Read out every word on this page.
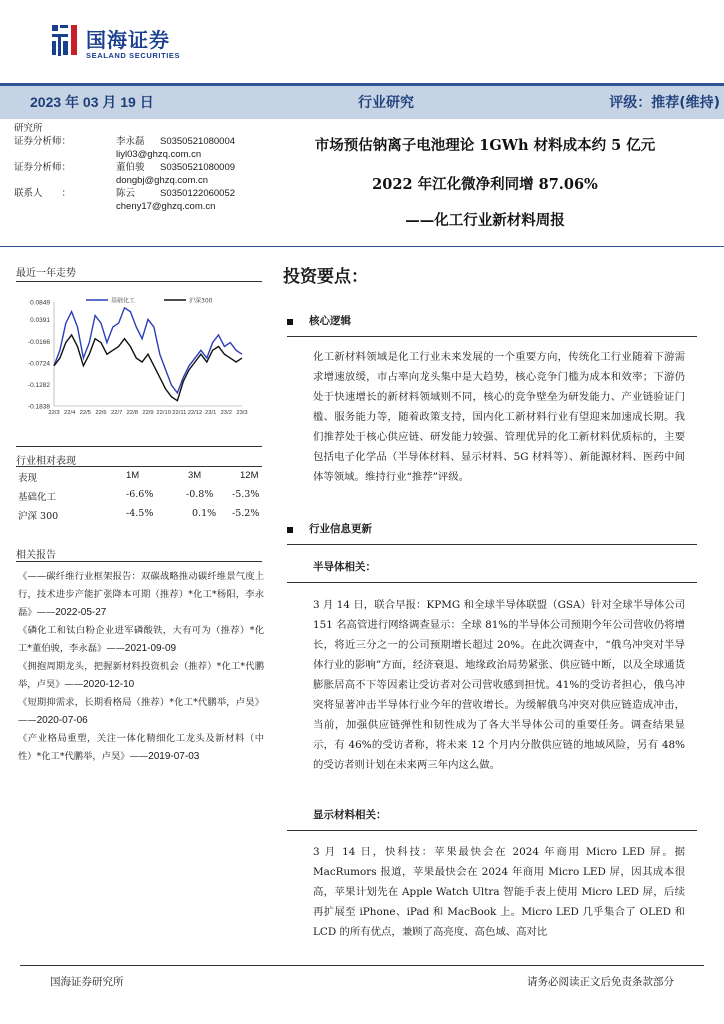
国海证券
SEALAND SECURITIES
2023 年 03 月 19 日	行业研究	评级：推荐(维持)
研究所
证券分析师：	李永磊 S0350521080004
liyl03@ghzq.com.cn
证券分析师：	董伯骏 S0350521080009
dongbj@ghzq.com.cn
联系人　　：	陈云	S0350122060052
cheny17@ghzq.com.cn
市场预估钠离子电池理论 1GWh 材料成本约 5 亿元
2022 年江化微净利同增 87.06%
——化工行业新材料周报
最近一年走势
0.0849
0.0391
-0.0166
-0.0724
-0.1282
-0.1838
22/3 22/4 22/5 22/6 22/7 22/8 22/9 22/10 22/11 22/12 23/1 23/2 23/3
基础化工	沪深300
行业相对表现
表现	1M	3M	12M
基础化工	-6.6%	-0.8% -5.3%
沪深 300	-4.5%	0.1% -5.2%
相关报告

《——碳纤维行业框架报告：双碳战略推动碳纤维景气度上行，技术进步产能扩张降本可期（推荐）*化工*杨阳，李永磊》——2022-05-27

《磷化工和钛白粉企业进军磷酸铁，大有可为（推荐）*化工*董伯骏，李永磊》——2021-09-09

《拥抱周期龙头，把握新材料投资机会（推荐）*化工*代鹏举，卢昊》——2020-12-10

《短期抑需求，长期看格局（推荐）*化工*代鹏举，卢昊》——2020-07-06

《产业格局重塑，关注一体化精细化工龙头及新材料（中性）*化工*代鹏举，卢昊》——2019-07-03

投资要点：
核心逻辑

化工新材料领域是化工行业未来发展的一个重要方向，传统化工行业随着下游需求增速放缓，市占率向龙头集中是大趋势，核心竞争门槛为成本和效率；下游仍处于快速增长的新材料领域则不同，核心的竞争壁垒为研发能力、产业链验证门槛、服务能力等，随着政策支持，国内化工新材料行业有望迎来加速成长期。我们推荐处于核心供应链、研发能力较强、管理优异的化工新材料优质标的，主要包括电子化学品（半导体材料、显示材料、5G 材料等）、新能源材料、医药中间体等领域。维持行业“推荐”评级。

行业信息更新
半导体相关：

3 月 14 日，联合早报：KPMG 和全球半导体联盟（GSA）针对全球半导体公司 151 名高管进行网络调查显示：全球 81%的半导体公司预期今年公司营收仍将增长，将近三分之一的公司预期增长超过 20%。在此次调查中，“俄乌冲突对半导体行业的影响”方面，经济衰退、地缘政治局势紧张、供应链中断，以及全球通货膨胀居高不下等因素让受访者对公司营收感到担忧。41%的受访者担心，俄乌冲突将显著冲击半导体行业今年的营收增长。为缓解俄乌冲突对供应链造成冲击，当前，加强供应链弹性和韧性成为了各大半导体公司的重要任务。调查结果显示，有 46%的受访者称，将未来 12 个月内分散供应链的地域风险，另有 48%的受访者则计划在未来两三年内这么做。

显示材料相关：

3 月 14 日，快科技：苹果最快会在 2024 年商用 Micro LED 屏。据 MacRumors 报道，苹果最快会在 2024 年商用 Micro LED 屏，因其成本很高，苹果计划先在 Apple Watch Ultra 智能手表上使用 Micro LED 屏，后续再扩展至 iPhone、iPad 和 MacBook 上。Micro LED 几乎集合了 OLED 和 LCD 的所有优点，兼顾了高亮度、高色域、高对比

国海证券研究所	请务必阅读正文后免责条款部分
